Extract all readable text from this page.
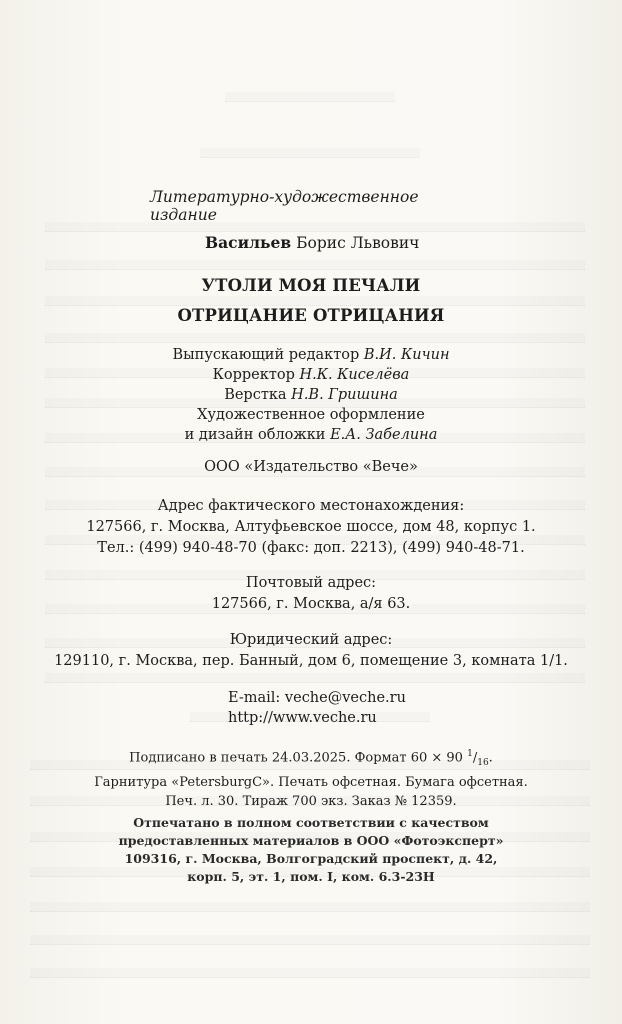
Литературно-художественное издание
Васильев Борис Львович
УТОЛИ МОЯ ПЕЧАЛИ
ОТРИЦАНИЕ ОТРИЦАНИЯ
Выпускающий редактор В.И. Кичин
Корректор Н.К. Киселёва
Верстка Н.В. Гришина
Художественное оформление
и дизайн обложки Е.А. Забелина
ООО «Издательство «Вече»
Адрес фактического местонахождения:
127566, г. Москва, Алтуфьевское шоссе, дом 48, корпус 1.
Тел.: (499) 940-48-70 (факс: доп. 2213), (499) 940-48-71.
Почтовый адрес:
127566, г. Москва, а/я 63.
Юридический адрес:
129110, г. Москва, пер. Банный, дом 6, помещение 3, комната 1/1.
E-mail: veche@veche.ru
http://www.veche.ru
Подписано в печать 24.03.2025. Формат 60 × 90 $^1/_{16}$.
Гарнитура «PetersburgC». Печать офсетная. Бумага офсетная.
Печ. л. 30. Тираж 700 экз. Заказ № 12359.
Отпечатано в полном соответствии с качеством
предоставленных материалов в ООО «Фотоэксперт»
109316, г. Москва, Волгоградский проспект, д. 42,
корп. 5, эт. 1, пом. I, ком. 6.3-23Н
